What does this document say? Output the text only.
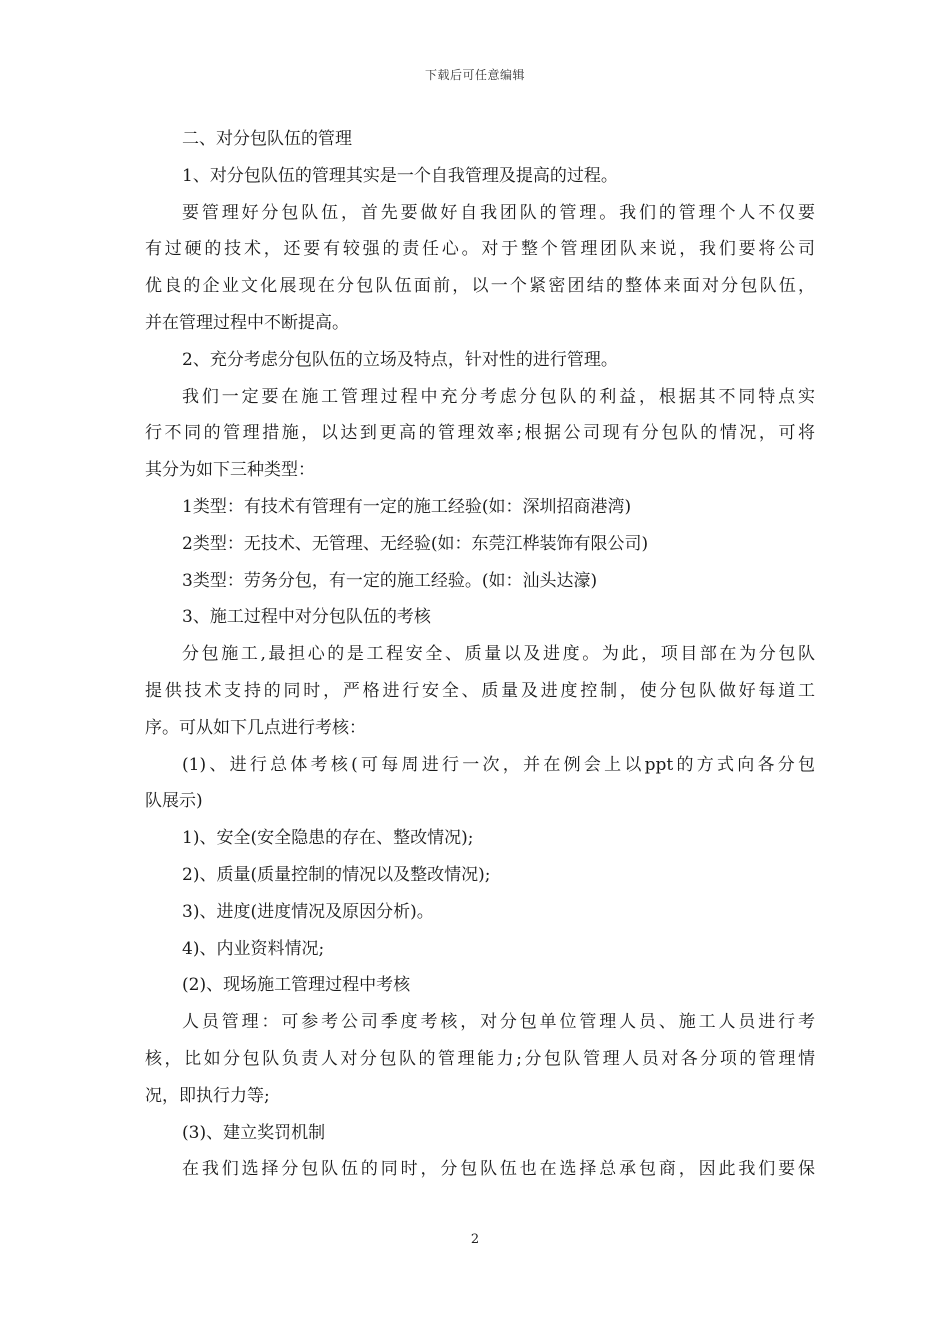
下载后可任意编辑
二、对分包队伍的管理
1、对分包队伍的管理其实是一个自我管理及提高的过程。
要管理好分包队伍，首先要做好自我团队的管理。我们的管理个人不仅要
有过硬的技术，还要有较强的责任心。对于整个管理团队来说，我们要将公司
优良的企业文化展现在分包队伍面前，以一个紧密团结的整体来面对分包队伍，
并在管理过程中不断提高。
2、充分考虑分包队伍的立场及特点，针对性的进行管理。
我们一定要在施工管理过程中充分考虑分包队的利益，根据其不同特点实
行不同的管理措施，以达到更高的管理效率;根据公司现有分包队的情况，可将
其分为如下三种类型：
1类型：有技术有管理有一定的施工经验(如：深圳招商港湾)
2类型：无技术、无管理、无经验(如：东莞江桦装饰有限公司)
3类型：劳务分包，有一定的施工经验。(如：汕头达濠)
3、施工过程中对分包队伍的考核
分包施工,最担心的是工程安全、质量以及进度。为此，项目部在为分包队
提供技术支持的同时，严格进行安全、质量及进度控制，使分包队做好每道工
序。可从如下几点进行考核：
(1)、进行总体考核(可每周进行一次，并在例会上以ppt的方式向各分包
队展示)
1)、安全(安全隐患的存在、整改情况);
2)、质量(质量控制的情况以及整改情况);
3)、进度(进度情况及原因分析)。
4)、内业资料情况;
(2)、现场施工管理过程中考核
人员管理：可参考公司季度考核，对分包单位管理人员、施工人员进行考
核，比如分包队负责人对分包队的管理能力;分包队管理人员对各分项的管理情
况，即执行力等;
(3)、建立奖罚机制
在我们选择分包队伍的同时，分包队伍也在选择总承包商，因此我们要保
2
